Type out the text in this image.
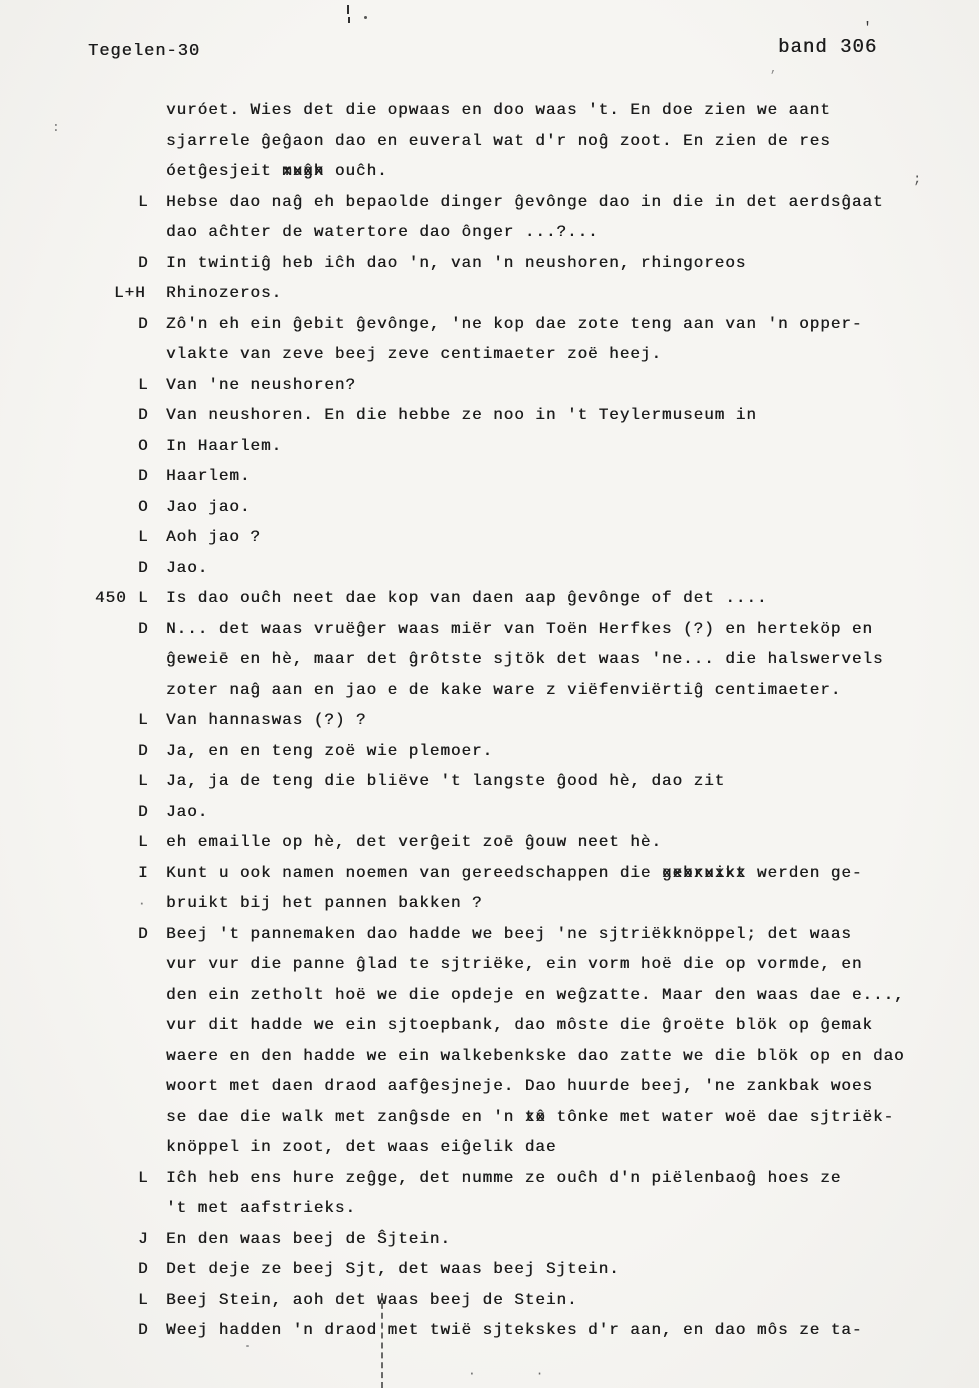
Tegelen-30	band 306
vuróet. Wies det die opwaas en doo waas 't. En doe zien we aant
sjarrele ĝeĝaon dao en euveral wat d'r noĝ zoot. En zien de res
óetĝesjeit muĝh xxxx ouĉh.
L	Hebse dao naĝ eh bepaolde dinger ĝevônge dao in die in det aerdsĝaat
dao aĉhter de watertore dao ônger ...?...
D	In twintiĝ heb iĉh dao 'n, van 'n neushoren, rhingoreos
L+H	Rhinozeros.
D	Zô'n eh ein ĝebit ĝevônge, 'ne kop dae zote teng aan van 'n opper-
vlakte van zeve beej zeve centimaeter zoë heej.
L	Van 'ne neushoren?
D	Van neushoren. En die hebbe ze noo in 't Teylermuseum in
O	In Haarlem.
D	Haarlem.
O	Jao jao.
L	Aoh jao ?
D	Jao.
450 L	Is dao ouĉh neet dae kop van daen aap ĝevônge of det ....
D	N... det waas vruëĝer waas miër van Toën Herfkes (?) en herteköp en
ĝeweiē en hè, maar det ĝrôtste sjtök det waas 'ne... die halswervels
zoter naĝ aan en jao e de kake ware z viëfenviërtiĝ centimaeter.
L	Van hannaswas (?) ?
D	Ja, en en teng zoë wie plemoer.
L	Ja, ja de teng die bliëve 't langste ĝood hè, dao zit
D	Jao.
L	eh emaille op hè, det verĝeit zoē ĝouw neet hè.
I	Kunt u ook namen noemen van gereedschappen die gebruikt xxxxxxxx werden ge-
·	bruikt bij het pannen bakken ?
D	Beej 't pannemaken dao hadde we beej 'ne sjtriëkknöppel; det waas
vur vur die panne ĝlad te sjtriëke, ein vorm hoë die op vormde, en
den ein zetholt hoë we die opdeje en weĝzatte. Maar den waas dae e...,
vur dit hadde we ein sjtoepbank, dao môste die ĝroëte blök op ĝemak
waere en den hadde we ein walkebenkske dao zatte we die blök op en dao
woort met daen draod aafĝesjneje. Dao huurde beej, 'ne zankbak woes
se dae die walk met zanĝsde en 'n tô xx tônke met water woë dae sjtriëk-
knöppel in zoot, det waas eiĝelik dae
L	Iĉh heb ens hure zeĝge, det numme ze ouĉh d'n piëlenbaoĝ hoes ze
't met aafstrieks.
J	En den waas beej de Ŝjtein.
D	Det deje ze beej Sjt, det waas beej Sjtein.
L	Beej Stein, aoh det waas beej de Stein.
D	Weej hadden 'n draod met twië sjtekskes d'r aan, en dao môs ze ta-
'
;
:
,
· ·
